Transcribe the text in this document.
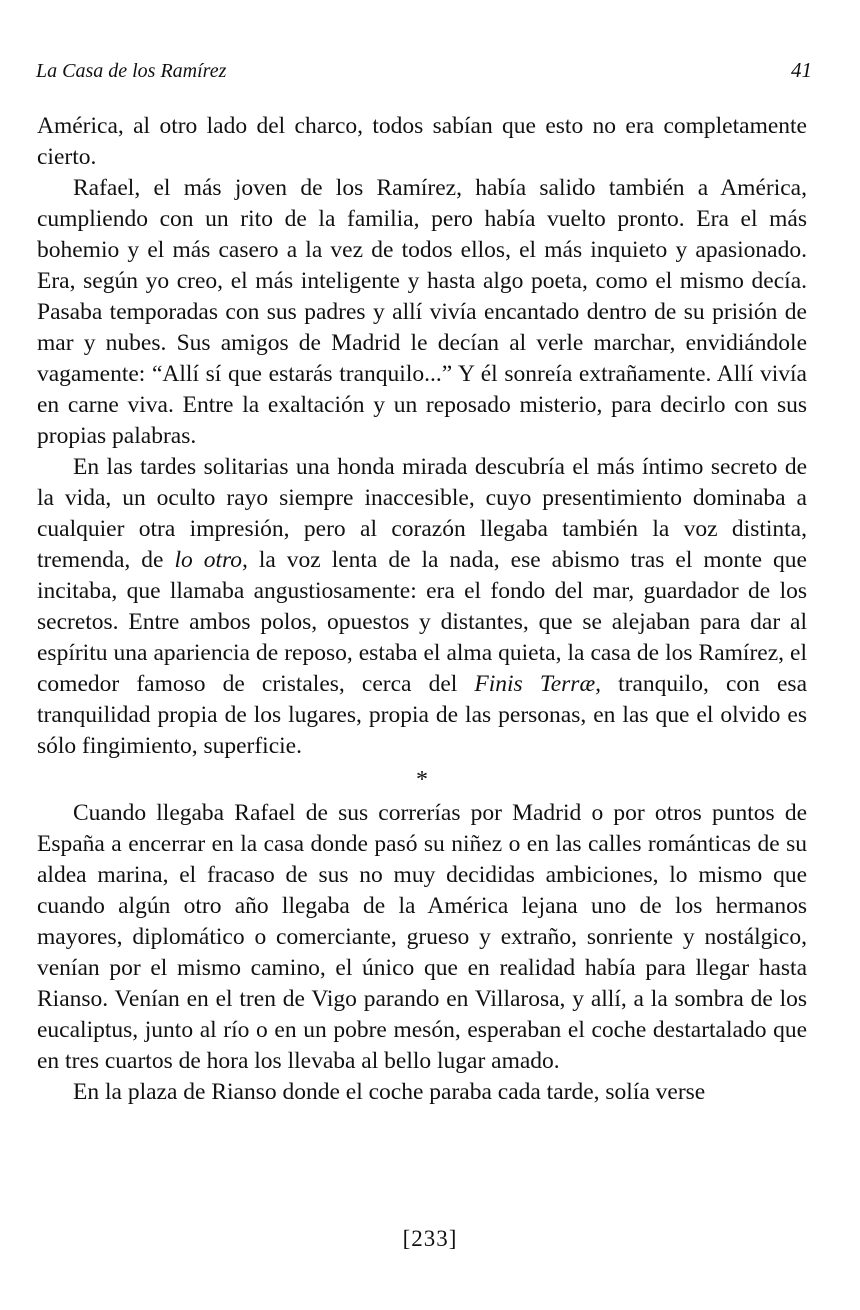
La Casa de los Ramírez	41

América, al otro lado del charco, todos sabían que esto no era completamente cierto.

Rafael, el más joven de los Ramírez, había salido también a América, cumpliendo con un rito de la familia, pero había vuelto pronto. Era el más bohemio y el más casero a la vez de todos ellos, el más inquieto y apasionado. Era, según yo creo, el más inteligente y hasta algo poeta, como el mismo decía. Pasaba temporadas con sus padres y allí vivía encantado dentro de su prisión de mar y nubes. Sus amigos de Madrid le decían al verle marchar, envidiándole vagamente: “Allí sí que estarás tranquilo...” Y él sonreía extrañamente. Allí vivía en carne viva. Entre la exaltación y un reposado misterio, para decirlo con sus propias palabras.

En las tardes solitarias una honda mirada descubría el más íntimo secreto de la vida, un oculto rayo siempre inaccesible, cuyo presentimiento dominaba a cualquier otra impresión, pero al corazón llegaba también la voz distinta, tremenda, de lo otro, la voz lenta de la nada, ese abismo tras el monte que incitaba, que llamaba angustiosamente: era el fondo del mar, guardador de los secretos. Entre ambos polos, opuestos y distantes, que se alejaban para dar al espíritu una apariencia de reposo, estaba el alma quieta, la casa de los Ramírez, el comedor famoso de cristales, cerca del Finis Terræ, tranquilo, con esa tranquilidad propia de los lugares, propia de las personas, en las que el olvido es sólo fingimiento, superficie.

*

Cuando llegaba Rafael de sus correrías por Madrid o por otros puntos de España a encerrar en la casa donde pasó su niñez o en las calles románticas de su aldea marina, el fracaso de sus no muy decididas ambiciones, lo mismo que cuando algún otro año llegaba de la América lejana uno de los hermanos mayores, diplomático o comerciante, grueso y extraño, sonriente y nostálgico, venían por el mismo camino, el único que en realidad había para llegar hasta Rianso. Venían en el tren de Vigo parando en Villarosa, y allí, a la sombra de los eucaliptus, junto al río o en un pobre mesón, esperaban el coche destartalado que en tres cuartos de hora los llevaba al bello lugar amado.

En la plaza de Rianso donde el coche paraba cada tarde, solía verse

[233]
